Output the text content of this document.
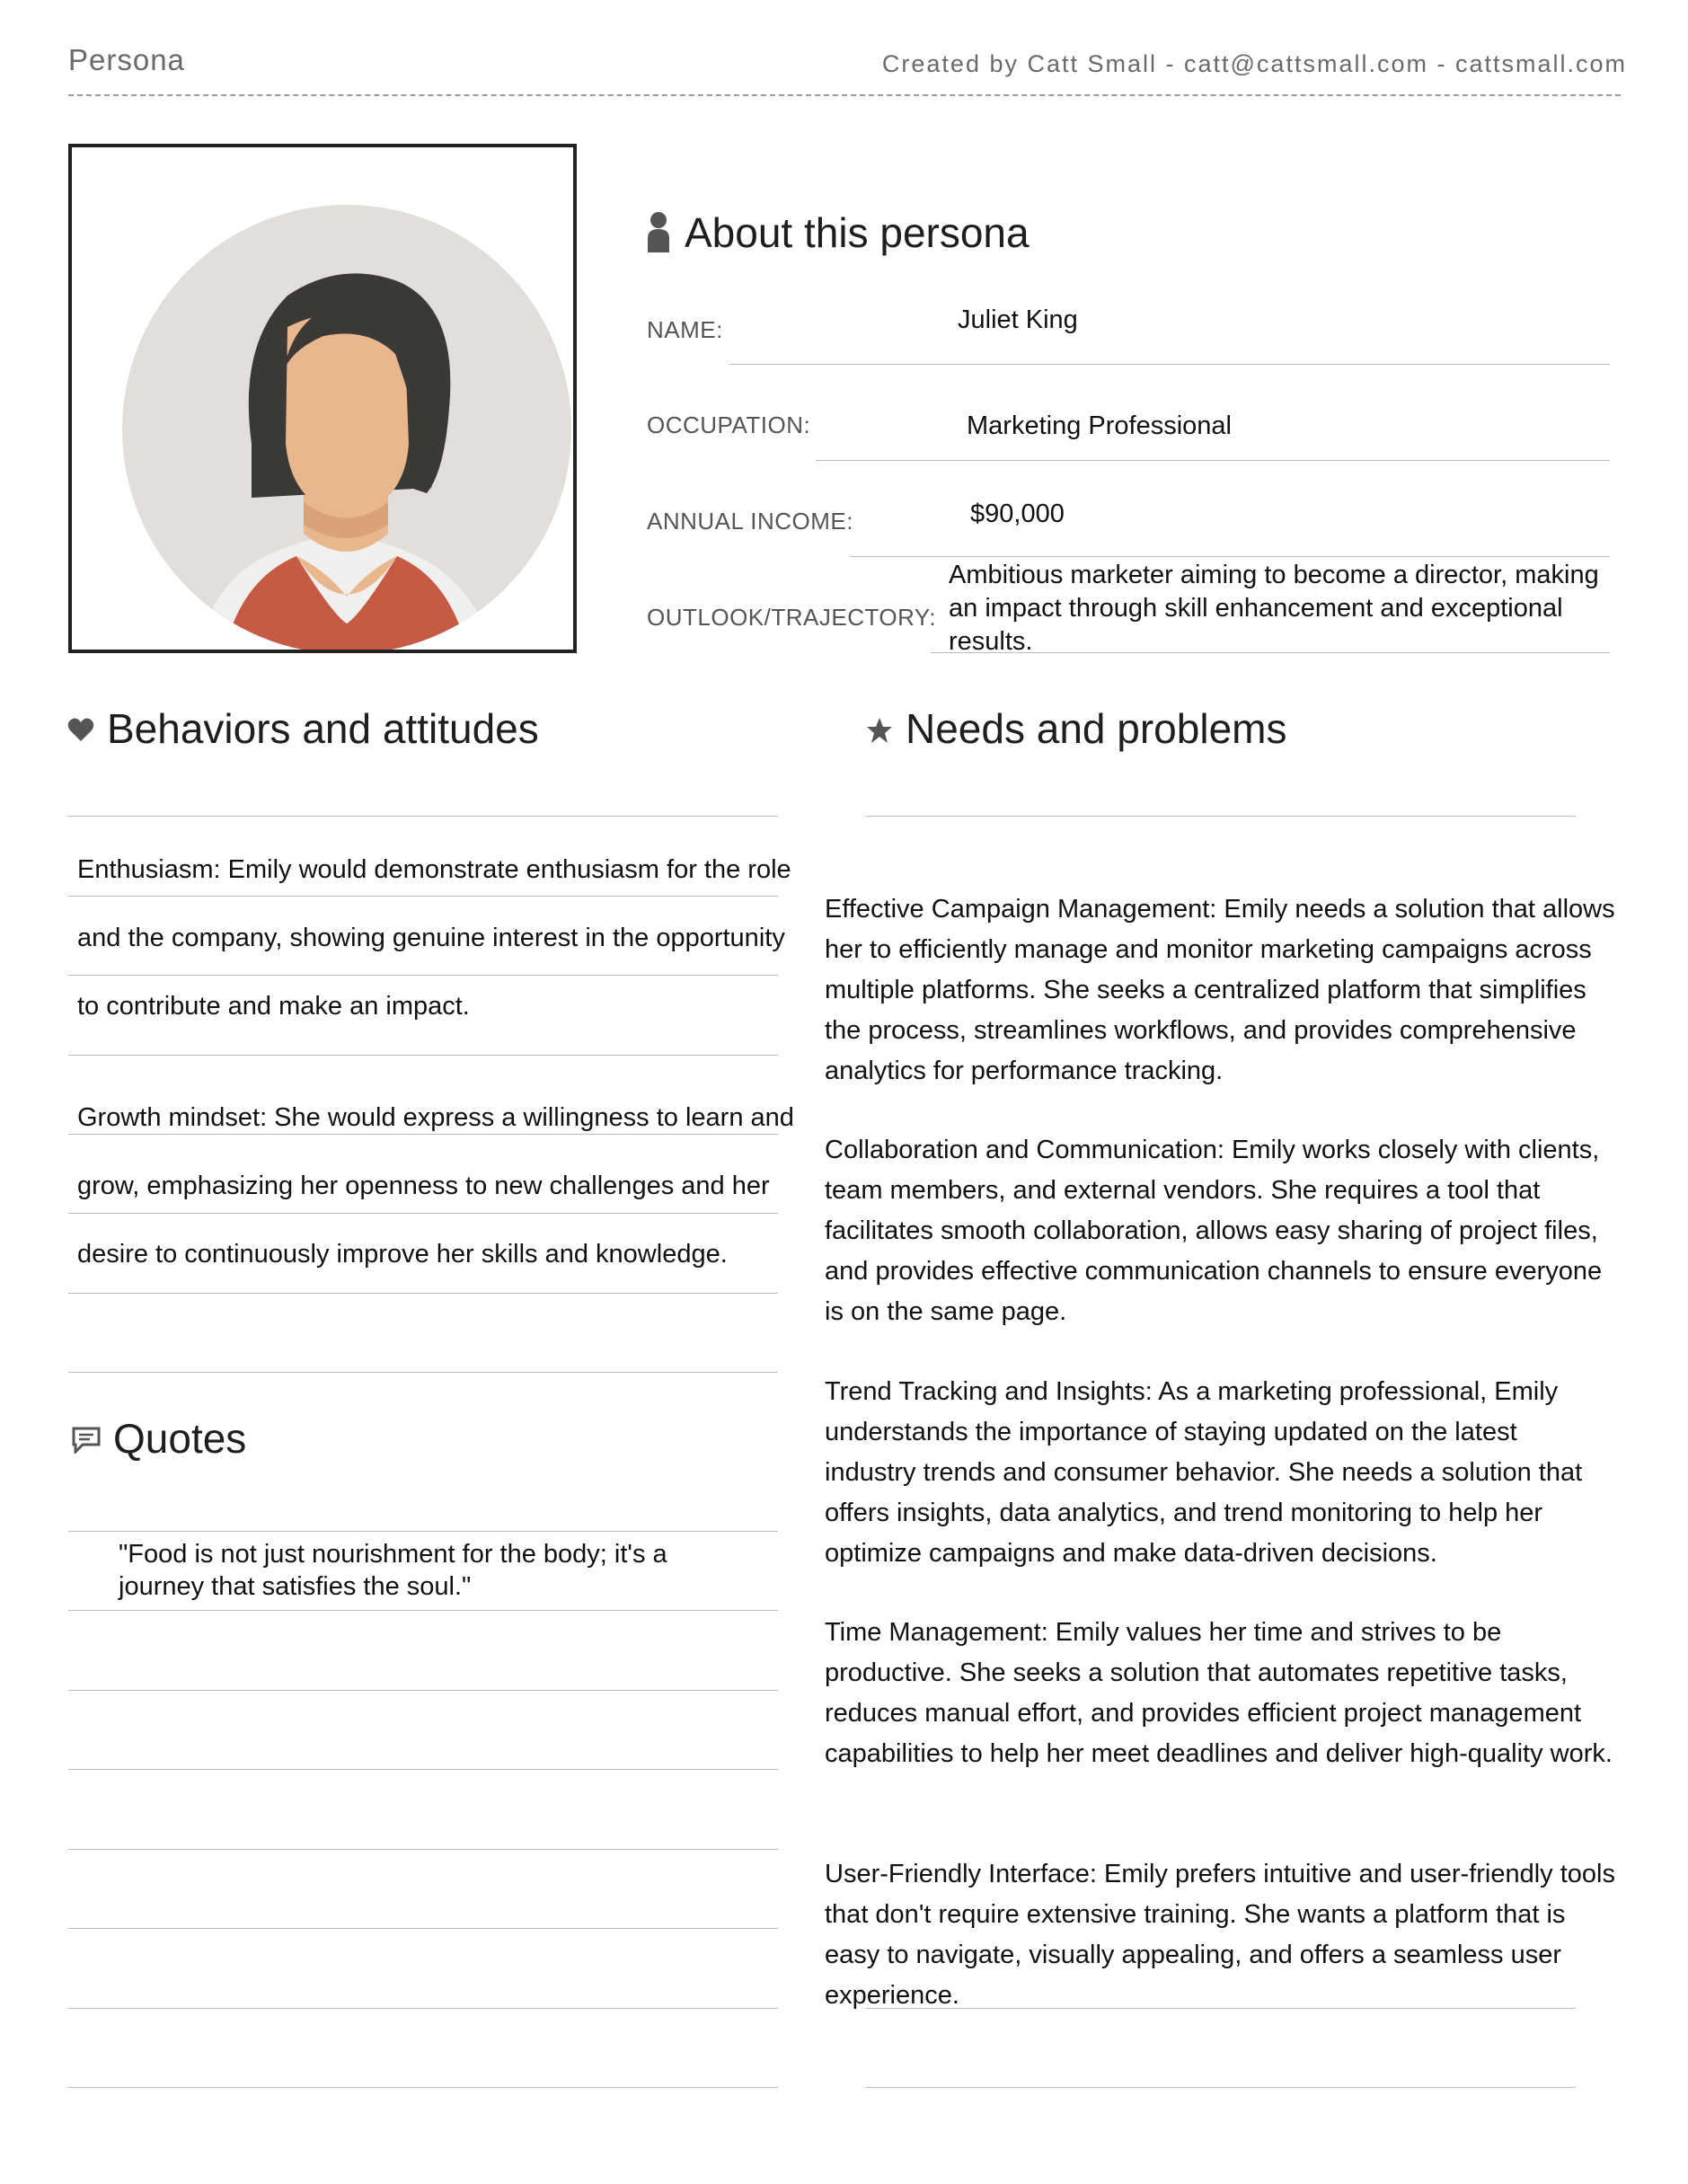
Persona	Created by Catt Small - catt@cattsmall.com - cattsmall.com
About this persona
NAME:	Juliet King
OCCUPATION:	Marketing Professional
ANNUAL INCOME:	$90,000
OUTLOOK/TRAJECTORY:
Ambitious marketer aiming to become a director, making an impact through skill enhancement and exceptional results.
Behaviors and attitudes
Enthusiasm: Emily would demonstrate enthusiasm for the role
and the company, showing genuine interest in the opportunity
to contribute and make an impact.
Growth mindset: She would express a willingness to learn and
grow, emphasizing her openness to new challenges and her
desire to continuously improve her skills and knowledge.
Quotes
"Food is not just nourishment for the body; it's a journey that satisfies the soul."
Needs and problems
Effective Campaign Management: Emily needs a solution that allows her to efficiently manage and monitor marketing campaigns across multiple platforms. She seeks a centralized platform that simplifies the process, streamlines workflows, and provides comprehensive analytics for performance tracking.
Collaboration and Communication: Emily works closely with clients, team members, and external vendors. She requires a tool that facilitates smooth collaboration, allows easy sharing of project files, and provides effective communication channels to ensure everyone is on the same page.
Trend Tracking and Insights: As a marketing professional, Emily understands the importance of staying updated on the latest industry trends and consumer behavior. She needs a solution that offers insights, data analytics, and trend monitoring to help her optimize campaigns and make data-driven decisions.
Time Management: Emily values her time and strives to be productive. She seeks a solution that automates repetitive tasks, reduces manual effort, and provides efficient project management capabilities to help her meet deadlines and deliver high-quality work.
User-Friendly Interface: Emily prefers intuitive and user-friendly tools that don't require extensive training. She wants a platform that is easy to navigate, visually appealing, and offers a seamless user experience.
